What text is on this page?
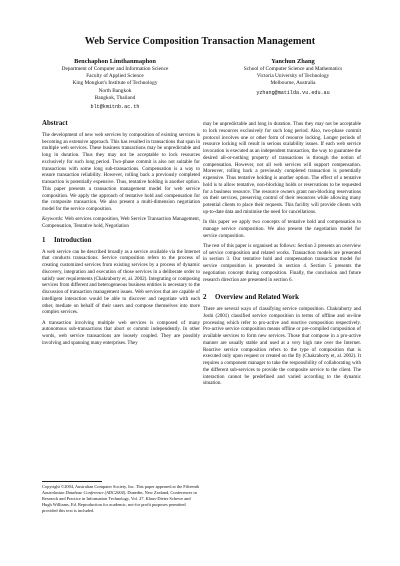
Web Service Composition Transaction Management
Benchaphon Limthanmaphon
Department of Computer and Information Science
Faculty of Applied Science
King Mongkut's Institute of Technology
North Bangkok
Bangkok, Thailand
blt@kmitnb.ac.th
Yanchun Zhang
School of Computer Science and Mathematics
Victoria University of Technology
Melbourne, Australia
yzhang@matilda.vu.edu.au
Abstract

The development of new web services by composition of existing services is becoming an extensive approach. This has resulted in transactions that span in multiple web services. These business transactions may be unpredictable and long in duration. Thus they may not be acceptable to lock resources exclusively for such long period. Two-phase commit is also not suitable for transactions with some long sub-transactions. Compensation is a way to ensure transaction reliability. However, rolling back a previously completed transaction is potentially expensive. Thus, tentative holding is another option. This paper presents a transaction management model for web service composition. We apply the approach of tentative hold and compensation for the composite transaction. We also present a multi-dimension negotiation model for the service composition.

Keywords: Web services composition, Web Service Transaction Management, Compensation, Tentative hold, Negotiation

1 Introduction

A web service can be described broadly as a service available via the Internet that conducts transactions. Service composition refers to the process of creating customized services from existing services by a process of dynamic discovery, integration and execution of those services in a deliberate order to satisfy user requirements (Chakraborty et, al. 2002). Integrating or composing services from different and heterogeneous business entities is necessary to the discussion of transaction management issues. Web services that are capable of intelligent interaction would be able to discover and negotiate with each other, mediate on behalf of their users and compose themselves into more complex services.

A transaction involving multiple web services is composed of many autonomous sub-transactions that abort or commit independently. In other words, web service transactions are loosely coupled. They are possibly involving and spanning many enterprises. They

may be unpredictable and long in duration. Thus they may not be acceptable to lock resources exclusively for such long period. Also, two-phase commit protocol involves one or other form of resource locking. Longer periods of resource locking will result in serious scalability issues. If each web service invocation is executed as an independent transaction, the way to guarantee the desired all-or-nothing property of transactions is through the notion of compensation. However, not all web services will support compensation. Moreover, rolling back a previously completed transaction is potentially expensive. Thus tentative holding is another option. The effect of a tentative hold is to allow tentative, non-blocking holds or reservations to be requested for a business resource. The resource owners grant non-blocking reservations on their services, preserving control of their resources while allowing many potential clients to place their requests. This facility will provide clients with up-to-date data and minimise the need for cancellations.

In this paper we apply two concepts of tentative hold and compensation to manage service composition. We also present the negotiation model for service composition.

The rest of this paper is organised as follows: Section 2 presents an overview of service composition and related works. Transaction models are presented in section 3. Our tentative hold and compensation transaction model for service composition is presented in section 4. Section 5 presents the negotiation concept during composition. Finally, the conclusion and future research direction are presented in section 6.

2 Overview and Related Work

There are several ways of classifying service composition. Chakraborty and Joshi (2001) classified service composition in terms of offline and on-line processing which refer to pro-active and reactive composition respectively. Pro-active service composition means offline or pre-compiled composition of available services to form new services. Those that compose in a pro-active manner are usually stable and used at a very high rate over the Internet. Reactive service composition refers to the type of composition that is executed only upon request or created on the fly (Chakraborty et, al. 2002). It requires a component manager to take the responsibility of collaborating with the different sub-services to provide the composite service to the client. The interaction cannot be predefined and varied according to the dynamic situation.

Copyright ©2004, Australian Computer Society, Inc. This paper appeared at the Fifteenth Australasian Database Conference (ADC2004), Dunedin, New Zealand, Conferences in Research and Practice in Information Technology, Vol. 27. Klaus-Dieter Schewe and Hugh Williams, Ed. Reproduction for academic, not-for profit purposes permitted provided this text is included.
